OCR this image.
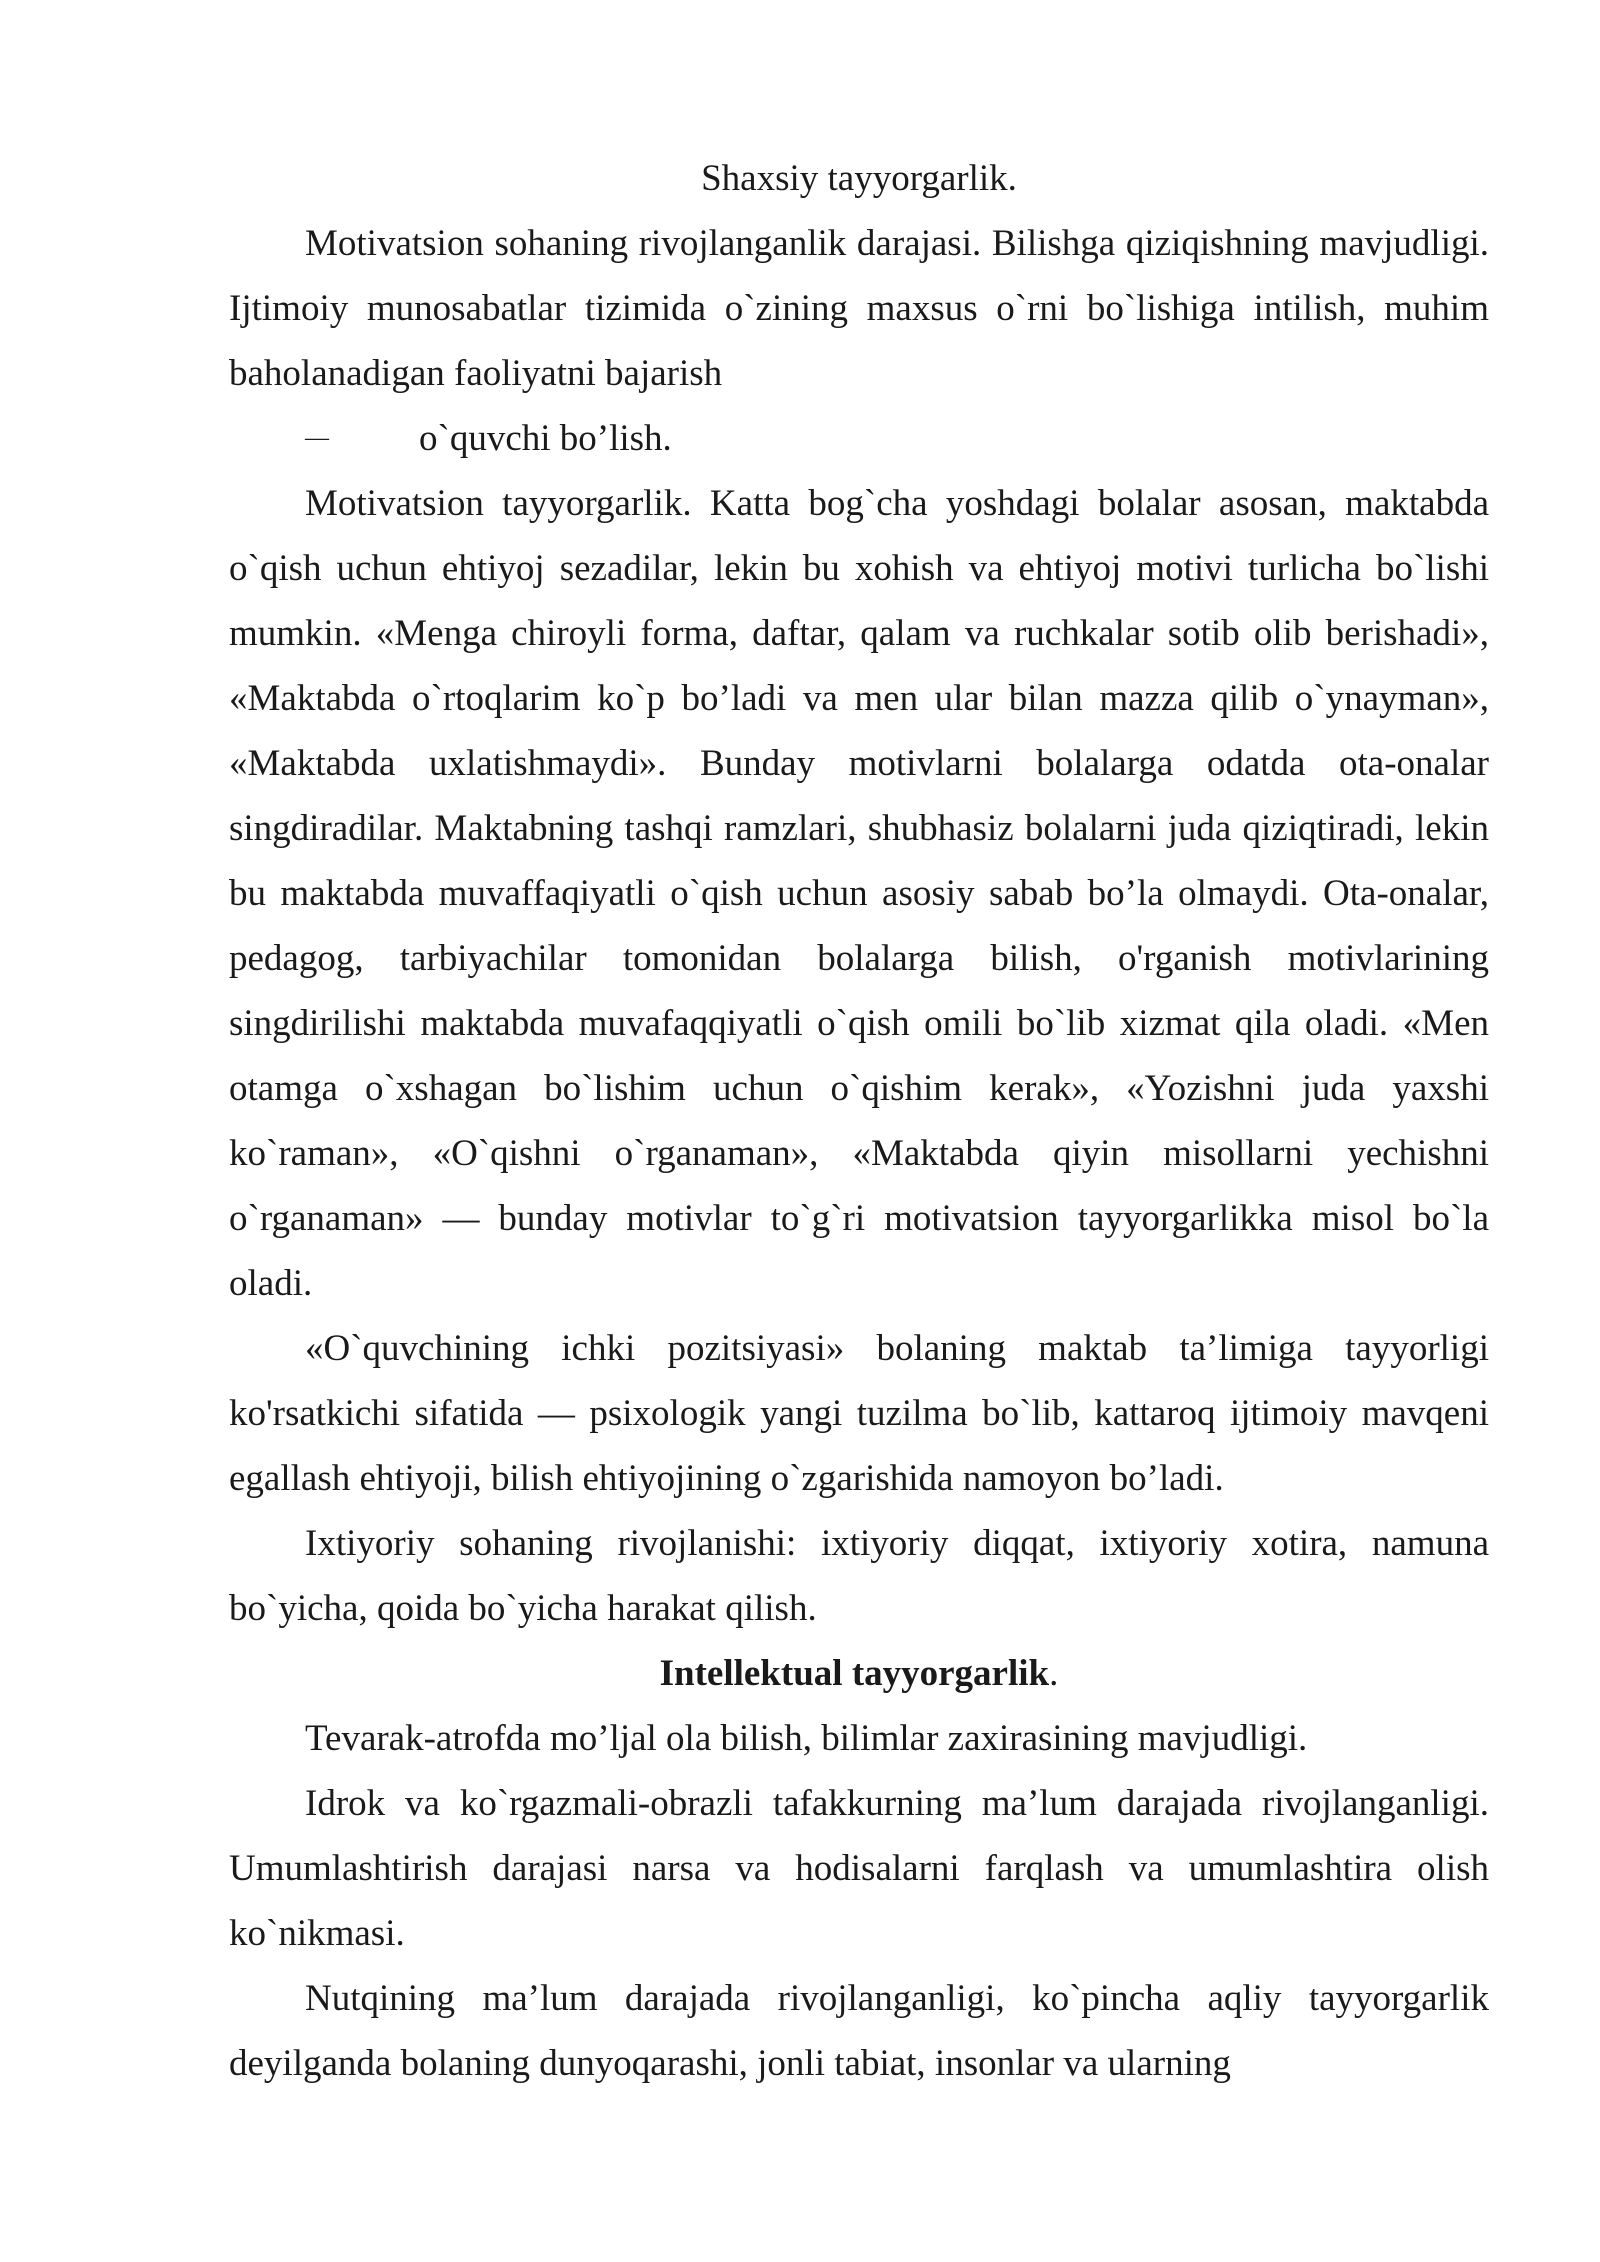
Shaxsiy tayyorgarlik.

Motivatsion sohaning rivojlanganlik darajasi. Bilishga qiziqishning mavjudligi. Ijtimoiy munosabatlar tizimida o`zining maxsus o`rni bo`lishiga intilish, muhim baholanadigan faoliyatni bajarish

— o`quvchi bo’lish.

Motivatsion tayyorgarlik. Katta bog`cha yoshdagi bolalar asosan, maktabda o`qish uchun ehtiyoj sezadilar, lekin bu xohish va ehtiyoj motivi turlicha bo`lishi mumkin. «Menga chiroyli forma, daftar, qalam va ruchkalar sotib olib berishadi», «Maktabda o`rtoqlarim ko`p bo’ladi va men ular bilan mazza qilib o`ynayman», «Maktabda uxlatishmaydi». Bunday motivlarni bolalarga odatda ota-onalar singdiradilar. Maktabning tashqi ramzlari, shubhasiz bolalarni juda qiziqtiradi, lekin bu maktabda muvaffaqiyatli o`qish uchun asosiy sabab bo’la olmaydi. Ota-onalar, pedagog, tarbiyachilar tomonidan bolalarga bilish, o'rganish motivlarining singdirilishi maktabda muvafaqqiyatli o`qish omili bo`lib xizmat qila oladi. «Men otamga o`xshagan bo`lishim uchun o`qishim kerak», «Yozishni juda yaxshi ko`raman», «O`qishni o`rganaman», «Maktabda qiyin misollarni yechishni o`rganaman» — bunday motivlar to`g`ri motivatsion tayyorgarlikka misol bo`la oladi.

«O`quvchining ichki pozitsiyasi» bolaning maktab ta’limiga tayyorligi ko'rsatkichi sifatida — psixologik yangi tuzilma bo`lib, kattaroq ijtimoiy mavqeni egallash ehtiyoji, bilish ehtiyojining o`zgarishida namoyon bo’ladi.

Ixtiyoriy sohaning rivojlanishi: ixtiyoriy diqqat, ixtiyoriy xotira, namuna bo`yicha, qoida bo`yicha harakat qilish.

Intellektual tayyorgarlik.

Tevarak-atrofda mo’ljal ola bilish, bilimlar zaxirasining mavjudligi.

Idrok va ko`rgazmali-obrazli tafakkurning ma’lum darajada rivojlanganligi. Umumlashtirish darajasi narsa va hodisalarni farqlash va umumlashtira olish ko`nikmasi.

Nutqining ma’lum darajada rivojlanganligi, ko`pincha aqliy tayyorgarlik deyilganda bolaning dunyoqarashi, jonli tabiat, insonlar va ularning
